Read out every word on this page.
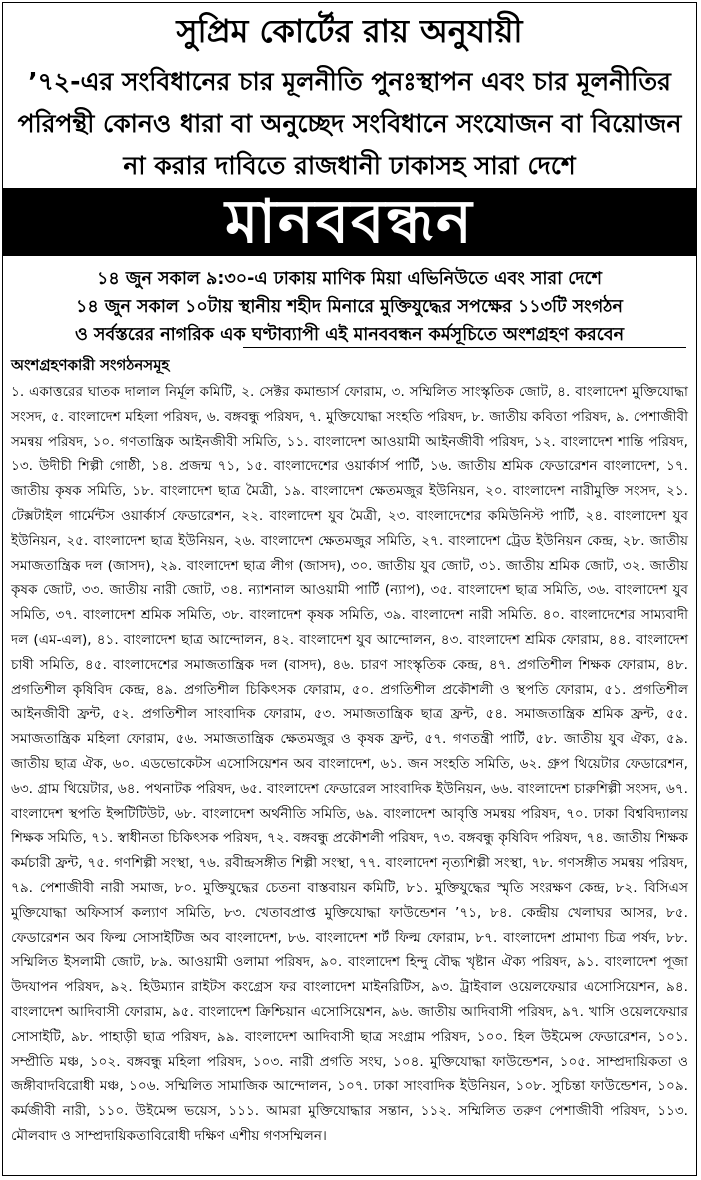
সুপ্রিম কোর্টের রায় অনুযায়ী
’৭২-এর সংবিধানের চার মূলনীতি পুনঃস্থাপন এবং চার মূলনীতির পরিপন্থী কোনও ধারা বা অনুচ্ছেদ সংবিধানে সংযোজন বা বিয়োজন না করার দাবিতে রাজধানী ঢাকাসহ সারা দেশে
মানববন্ধন
১৪ জুন সকাল ৯:৩০-এ ঢাকায় মাণিক মিয়া এভিনিউতে এবং সারা দেশে
১৪ জুন সকাল ১০টায় স্থানীয় শহীদ মিনারে মুক্তিযুদ্ধের সপক্ষের ১১৩টি সংগঠন
ও সর্বস্তরের নাগরিক এক ঘণ্টাব্যাপী এই মানববন্ধন কর্মসূচিতে অংশগ্রহণ করবেন
অংশগ্রহণকারী সংগঠনসমূহ

১. একাত্তরের ঘাতক দালাল নির্মূল কমিটি, ২. সেক্টর কমান্ডার্স ফোরাম, ৩. সম্মিলিত সাংস্কৃতিক জোট, ৪. বাংলাদেশ মুক্তিযোদ্ধা সংসদ, ৫. বাংলাদেশ মহিলা পরিষদ, ৬. বঙ্গবন্ধু পরিষদ, ৭. মুক্তিযোদ্ধা সংহতি পরিষদ, ৮. জাতীয় কবিতা পরিষদ, ৯. পেশাজীবী সমন্বয় পরিষদ, ১০. গণতান্ত্রিক আইনজীবী সমিতি, ১১. বাংলাদেশ আওয়ামী আইনজীবী পরিষদ, ১২. বাংলাদেশ শান্তি পরিষদ, ১৩. উদীচী শিল্পী গোষ্ঠী, ১৪. প্রজন্ম ৭১, ১৫. বাংলাদেশের ওয়ার্কার্স পার্টি, ১৬. জাতীয় শ্রমিক ফেডারেশন বাংলাদেশ, ১৭. জাতীয় কৃষক সমিতি, ১৮. বাংলাদেশ ছাত্র মৈত্রী, ১৯. বাংলাদেশ ক্ষেতমজুর ইউনিয়ন, ২০. বাংলাদেশ নারীমুক্তি সংসদ, ২১. টেক্সটাইল গার্মেন্টস ওয়ার্কার্স ফেডারেশন, ২২. বাংলাদেশ যুব মৈত্রী, ২৩. বাংলাদেশের কমিউনিস্ট পার্টি, ২৪. বাংলাদেশ যুব ইউনিয়ন, ২৫. বাংলাদেশ ছাত্র ইউনিয়ন, ২৬. বাংলাদেশ ক্ষেতমজুর সমিতি, ২৭. বাংলাদেশ ট্রেড ইউনিয়ন কেন্দ্র, ২৮. জাতীয় সমাজতান্ত্রিক দল (জাসদ), ২৯. বাংলাদেশ ছাত্র লীগ (জাসদ), ৩০. জাতীয় যুব জোট, ৩১. জাতীয় শ্রমিক জোট, ৩২. জাতীয় কৃষক জোট, ৩৩. জাতীয় নারী জোট, ৩৪. ন্যাশনাল আওয়ামী পার্টি (ন্যাপ), ৩৫. বাংলাদেশ ছাত্র সমিতি, ৩৬. বাংলাদেশ যুব সমিতি, ৩৭. বাংলাদেশ শ্রমিক সমিতি, ৩৮. বাংলাদেশ কৃষক সমিতি, ৩৯. বাংলাদেশ নারী সমিতি. ৪০. বাংলাদেশের সাম্যবাদী দল (এম-এল), ৪১. বাংলাদেশ ছাত্র আন্দোলন, ৪২. বাংলাদেশ যুব আন্দোলন, ৪৩. বাংলাদেশ শ্রমিক ফোরাম, ৪৪. বাংলাদেশ চাষী সমিতি, ৪৫. বাংলাদেশের সমাজতান্ত্রিক দল (বাসদ), ৪৬. চারণ সাংস্কৃতিক কেন্দ্র, ৪৭. প্রগতিশীল শিক্ষক ফোরাম, ৪৮. প্রগতিশীল কৃষিবিদ কেন্দ্র, ৪৯. প্রগতিশীল চিকিৎসক ফোরাম, ৫০. প্রগতিশীল প্রকৌশলী ও স্থপতি ফোরাম, ৫১. প্রগতিশীল আইনজীবী ফ্রন্ট, ৫২. প্রগতিশীল সাংবাদিক ফোরাম, ৫৩. সমাজতান্ত্রিক ছাত্র ফ্রন্ট, ৫৪. সমাজতান্ত্রিক শ্রমিক ফ্রন্ট, ৫৫. সমাজতান্ত্রিক মহিলা ফোরাম, ৫৬. সমাজতান্ত্রিক ক্ষেতমজুর ও কৃষক ফ্রন্ট, ৫৭. গণতন্ত্রী পার্টি, ৫৮. জাতীয় যুব ঐক্য, ৫৯. জাতীয় ছাত্র ঐক, ৬০. এডভোকেটস এসোসিয়েশন অব বাংলাদেশ, ৬১. জন সংহতি সমিতি, ৬২. গ্রুপ থিয়েটার ফেডারেশন, ৬৩. গ্রাম থিয়েটার, ৬৪. পথনাটক পরিষদ, ৬৫. বাংলাদেশ ফেডারেল সাংবাদিক ইউনিয়ন, ৬৬. বাংলাদেশ চারুশিল্পী সংসদ, ৬৭. বাংলাদেশ স্থপতি ইন্সটিটিউট, ৬৮. বাংলাদেশ অর্থনীতি সমিতি, ৬৯. বাংলাদেশ আবৃত্তি সমন্বয় পরিষদ, ৭০. ঢাকা বিশ্ববিদ্যালয় শিক্ষক সমিতি, ৭১. স্বাধীনতা চিকিৎসক পরিষদ, ৭২. বঙ্গবন্ধু প্রকৌশলী পরিষদ, ৭৩. বঙ্গবন্ধু কৃষিবিদ পরিষদ, ৭৪. জাতীয় শিক্ষক কর্মচারী ফ্রন্ট, ৭৫. গণশিল্পী সংস্থা, ৭৬. রবীন্দ্রসঙ্গীত শিল্পী সংস্থা, ৭৭. বাংলাদেশ নৃত্যশিল্পী সংস্থা, ৭৮. গণসঙ্গীত সমন্বয় পরিষদ, ৭৯. পেশাজীবী নারী সমাজ, ৮০. মুক্তিযুদ্ধের চেতনা বাস্তবায়ন কমিটি, ৮১. মুক্তিযুদ্ধের স্মৃতি সংরক্ষণ কেন্দ্র, ৮২. বিসিএস মুক্তিযোদ্ধা অফিসার্স কল্যাণ সমিতি, ৮৩. খেতাবপ্রাপ্ত মুক্তিযোদ্ধা ফাউন্ডেশন ’৭১, ৮৪. কেন্দ্রীয় খেলাঘর আসর, ৮৫. ফেডারেশন অব ফিল্ম সোসাইটিজ অব বাংলাদেশ, ৮৬. বাংলাদেশ শর্ট ফিল্ম ফোরাম, ৮৭. বাংলাদেশ প্রামাণ্য চিত্র পর্ষদ, ৮৮. সম্মিলিত ইসলামী জোট, ৮৯. আওয়ামী ওলামা পরিষদ, ৯০. বাংলাদেশ হিন্দু বৌদ্ধ খৃষ্টান ঐক্য পরিষদ, ৯১. বাংলাদেশ পূজা উদযাপন পরিষদ, ৯২. হিউম্যান রাইটস কংগ্রেস ফর বাংলাদেশ মাইনরিটিস, ৯৩. ট্রাইবাল ওয়েলফেয়ার এসোসিয়েশন, ৯৪. বাংলাদেশ আদিবাসী ফোরাম, ৯৫. বাংলাদেশ ক্রিশ্চিয়ান এসোসিয়েশন, ৯৬. জাতীয় আদিবাসী পরিষদ, ৯৭. খাসি ওয়েলফেয়ার সোসাইটি, ৯৮. পাহাড়ী ছাত্র পরিষদ, ৯৯. বাংলাদেশ আদিবাসী ছাত্র সংগ্রাম পরিষদ, ১০০. হিল উইমেন্স ফেডারেশন, ১০১. সম্প্রীতি মঞ্চ, ১০২. বঙ্গবন্ধু মহিলা পরিষদ, ১০৩. নারী প্রগতি সংঘ, ১০৪. মুক্তিযোদ্ধা ফাউন্ডেশন, ১০৫. সাম্প্রদায়িকতা ও জঙ্গীবাদবিরোধী মঞ্চ, ১০৬. সম্মিলিত সামাজিক আন্দোলন, ১০৭. ঢাকা সাংবাদিক ইউনিয়ন, ১০৮. সুচিন্তা ফাউন্ডেশন, ১০৯. কর্মজীবী নারী, ১১০. উইমেন্স ভয়েস, ১১১. আমরা মুক্তিযোদ্ধার সন্তান, ১১২. সম্মিলিত তরুণ পেশাজীবী পরিষদ, ১১৩. মৌলবাদ ও সাম্প্রদায়িকতাবিরোধী দক্ষিণ এশীয় গণসম্মিলন।
